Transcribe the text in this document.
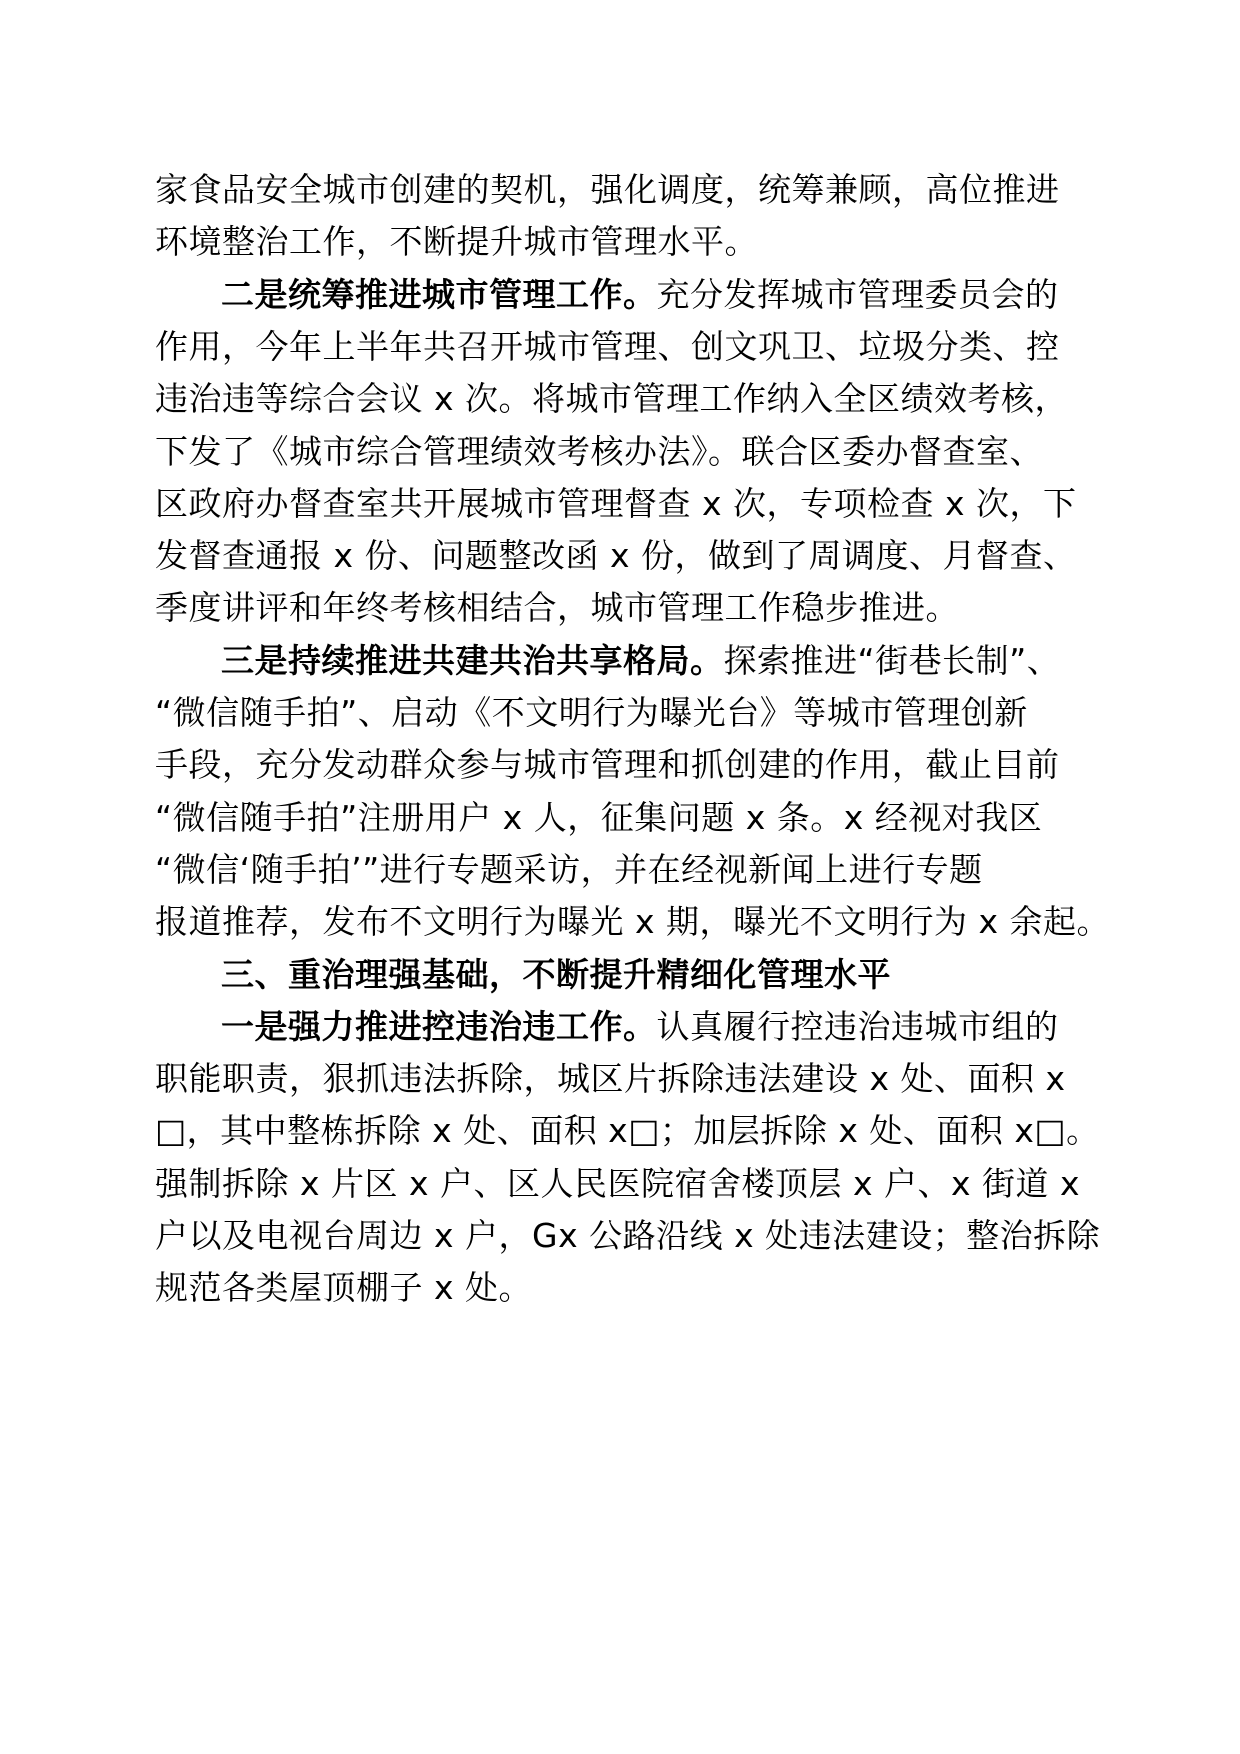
家食品安全城市创建的契机，强化调度，统筹兼顾，高位推进
环境整治工作，不断提升城市管理水平。
二是统筹推进城市管理工作。充分发挥城市管理委员会的
作用，今年上半年共召开城市管理、创文巩卫、垃圾分类、控
违治违等综合会议 x 次。将城市管理工作纳入全区绩效考核，
下发了《城市综合管理绩效考核办法》。联合区委办督查室、
区政府办督查室共开展城市管理督查 x 次，专项检查 x 次，下
发督查通报 x 份、问题整改函 x 份，做到了周调度、月督查、
季度讲评和年终考核相结合，城市管理工作稳步推进。
三是持续推进共建共治共享格局。探索推进“街巷长制”、
“微信随手拍”、启动《不文明行为曝光台》等城市管理创新
手段，充分发动群众参与城市管理和抓创建的作用，截止目前
“微信随手拍”注册用户 x 人，征集问题 x 条。x 经视对我区
“微信‘随手拍’”进行专题采访，并在经视新闻上进行专题
报道推荐，发布不文明行为曝光 x 期，曝光不文明行为 x 余起。
三、重治理强基础，不断提升精细化管理水平
一是强力推进控违治违工作。认真履行控违治违城市组的
职能职责，狠抓违法拆除，城区片拆除违法建设 x 处、面积 x
□，其中整栋拆除 x 处、面积 x□；加层拆除 x 处、面积 x□。
强制拆除 x 片区 x 户、区人民医院宿舍楼顶层 x 户、x 街道 x
户以及电视台周边 x 户，Gx 公路沿线 x 处违法建设；整治拆除
规范各类屋顶棚子 x 处。
